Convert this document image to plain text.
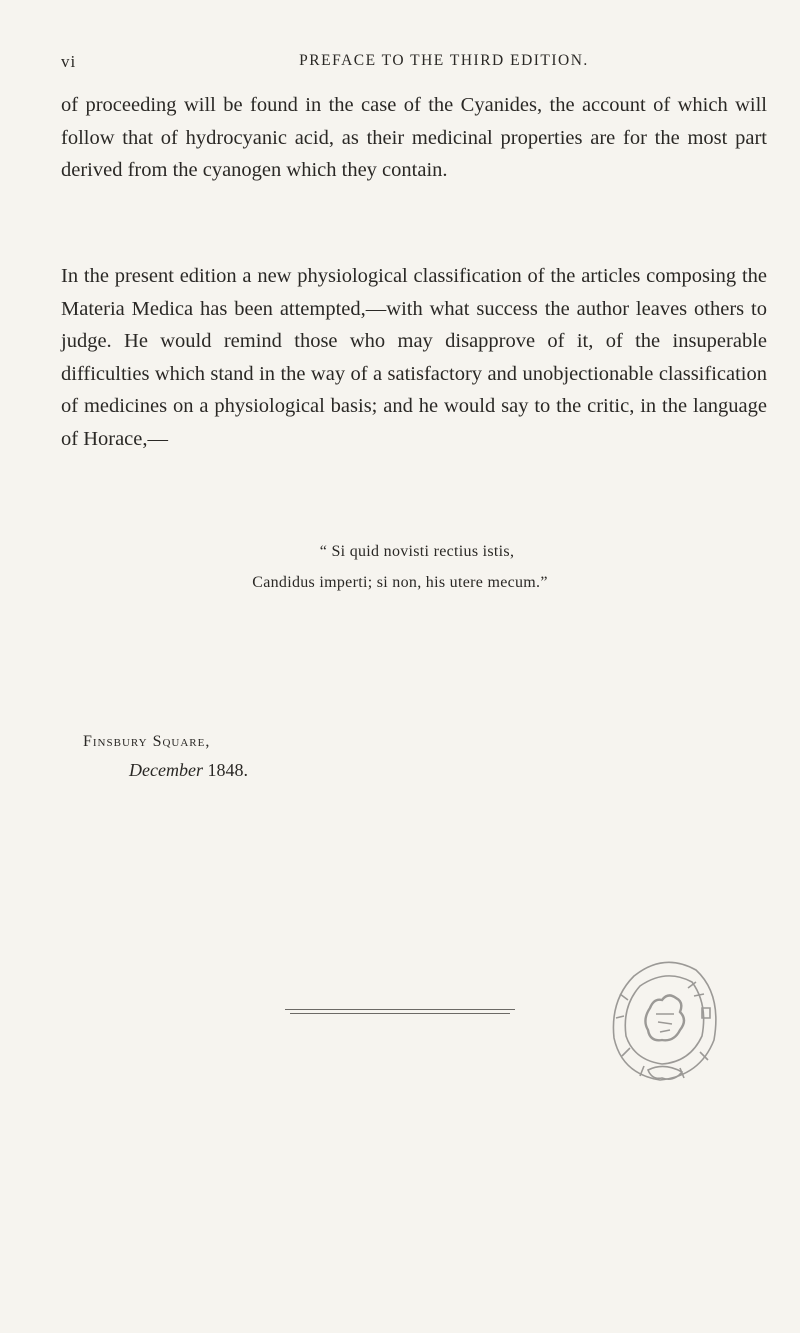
vi	PREFACE TO THE THIRD EDITION.

of proceeding will be found in the case of the Cyanides, the account of which will follow that of hydrocyanic acid, as their medicinal properties are for the most part derived from the cyanogen which they contain.

In the present edition a new physiological classification of the articles composing the Materia Medica has been attempted,—with what success the author leaves others to judge. He would remind those who may disapprove of it, of the insuperable difficulties which stand in the way of a satisfactory and unobjectionable classification of medicines on a physiological basis; and he would say to the critic, in the language of Horace,—

“ Si quid novisti rectius istis,
Candidus imperti; si non, his utere mecum.”
Finsbury Square,
December 1848.
